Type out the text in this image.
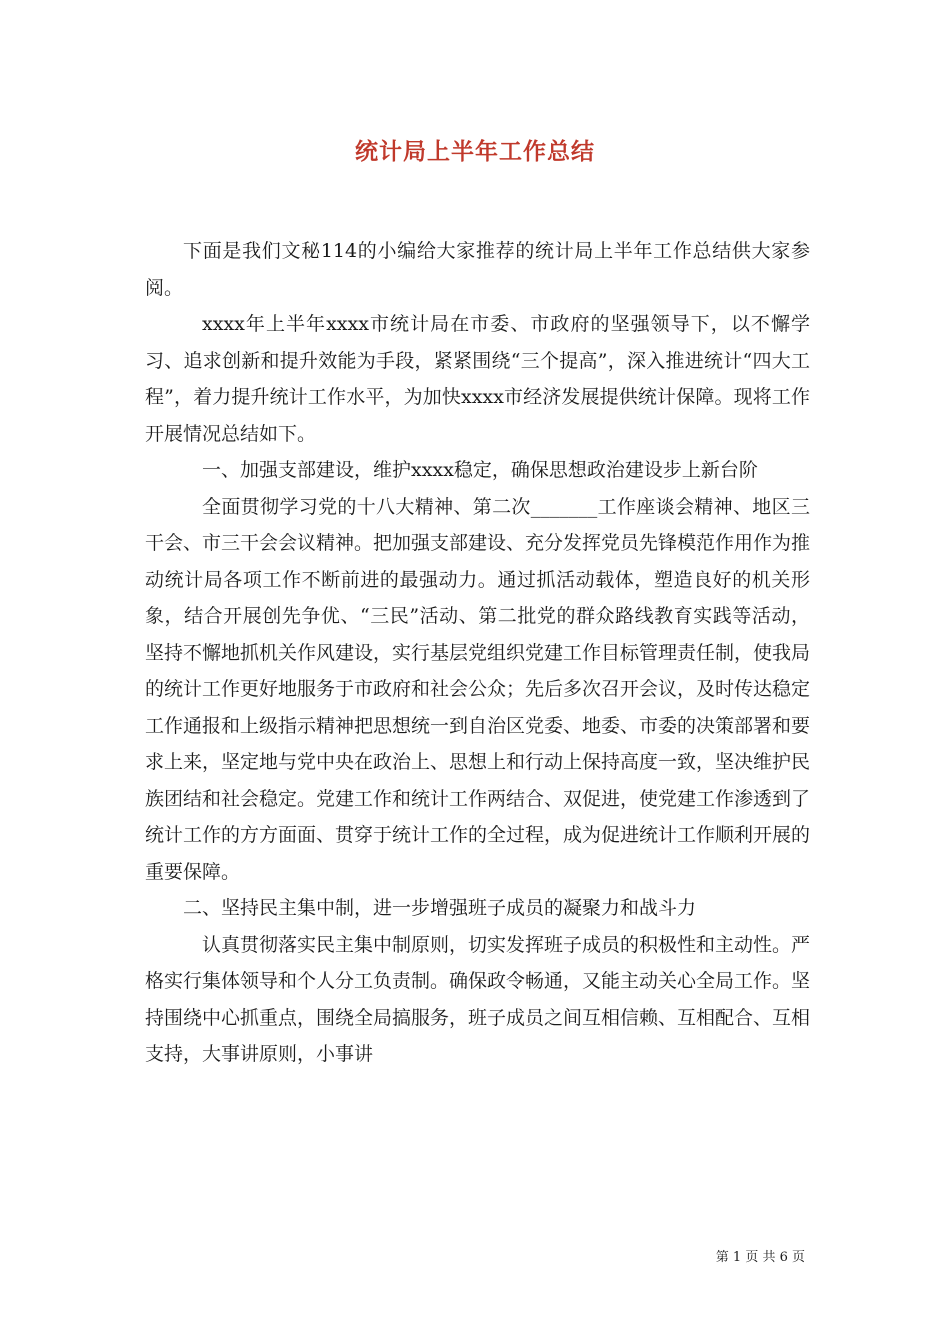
统计局上半年工作总结

下面是我们文秘114的小编给大家推荐的统计局上半年工作总结供大家参阅。

xxxx年上半年xxxx市统计局在市委、市政府的坚强领导下，以不懈学习、追求创新和提升效能为手段，紧紧围绕“三个提高”，深入推进统计“四大工程”，着力提升统计工作水平，为加快xxxx市经济发展提供统计保障。现将工作开展情况总结如下。

一、加强支部建设，维护xxxx稳定，确保思想政治建设步上新台阶

全面贯彻学习党的十八大精神、第二次_______工作座谈会精神、地区三干会、市三干会会议精神。把加强支部建设、充分发挥党员先锋模范作用作为推动统计局各项工作不断前进的最强动力。通过抓活动载体，塑造良好的机关形象，结合开展创先争优、“三民”活动、第二批党的群众路线教育实践等活动，坚持不懈地抓机关作风建设，实行基层党组织党建工作目标管理责任制，使我局的统计工作更好地服务于市政府和社会公众；先后多次召开会议，及时传达稳定工作通报和上级指示精神把思想统一到自治区党委、地委、市委的决策部署和要求上来，坚定地与党中央在政治上、思想上和行动上保持高度一致，坚决维护民族团结和社会稳定。党建工作和统计工作两结合、双促进，使党建工作渗透到了统计工作的方方面面、贯穿于统计工作的全过程，成为促进统计工作顺利开展的重要保障。

二、坚持民主集中制，进一步增强班子成员的凝聚力和战斗力

认真贯彻落实民主集中制原则，切实发挥班子成员的积极性和主动性。严格实行集体领导和个人分工负责制。确保政令畅通，又能主动关心全局工作。坚持围绕中心抓重点，围绕全局搞服务，班子成员之间互相信赖、互相配合、互相支持，大事讲原则，小事讲

第 1 页 共 6 页
